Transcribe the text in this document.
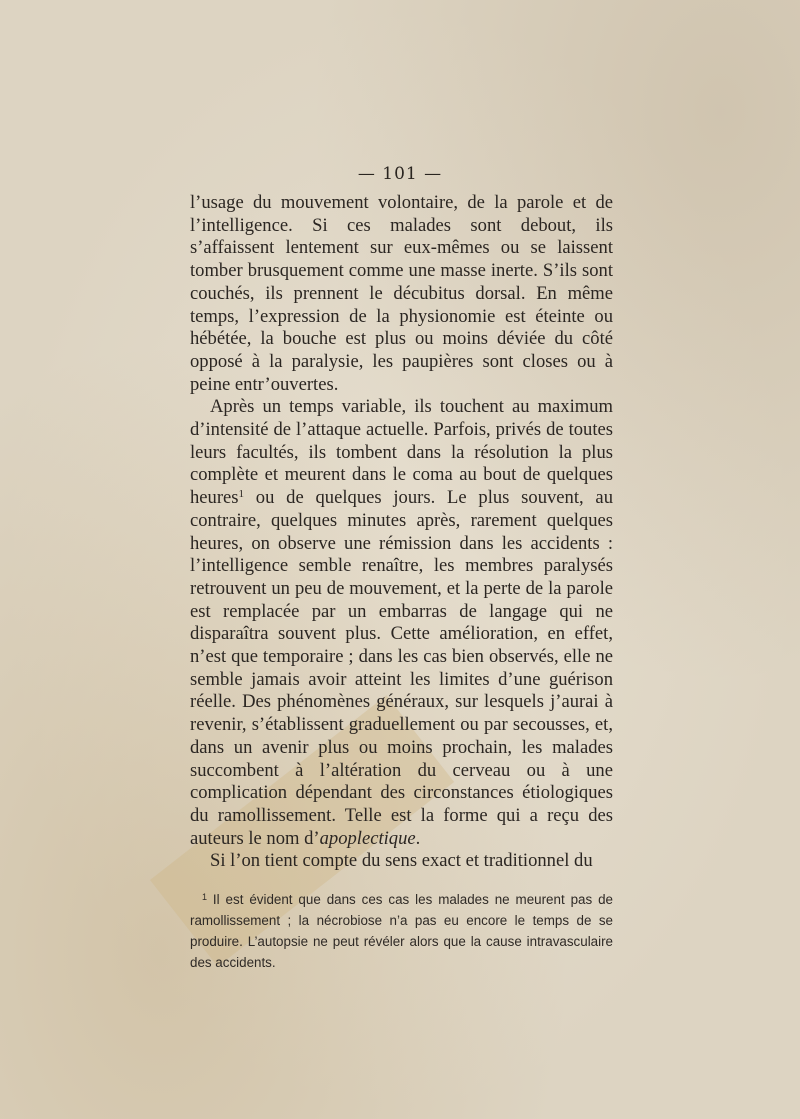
— 101 —

l’usage du mouvement volontaire, de la parole et de l’intelligence. Si ces malades sont debout, ils s’affaissent lentement sur eux-mêmes ou se laissent tomber brusquement comme une masse inerte. S’ils sont couchés, ils prennent le décubitus dorsal. En même temps, l’expression de la physionomie est éteinte ou hébétée, la bouche est plus ou moins déviée du côté opposé à la paralysie, les paupières sont closes ou à peine entr’ouvertes.

Après un temps variable, ils touchent au maximum d’intensité de l’attaque actuelle. Parfois, privés de toutes leurs facultés, ils tombent dans la résolution la plus complète et meurent dans le coma au bout de quelques heures$^1$ ou de quelques jours. Le plus souvent, au contraire, quelques minutes après, rarement quelques heures, on observe une rémission dans les accidents : l’intelligence semble renaître, les membres paralysés retrouvent un peu de mouvement, et la perte de la parole est remplacée par un embarras de langage qui ne disparaîtra souvent plus. Cette amélioration, en effet, n’est que temporaire ; dans les cas bien observés, elle ne semble jamais avoir atteint les limites d’une guérison réelle. Des phénomènes généraux, sur lesquels j’aurai à revenir, s’établissent graduellement ou par secousses, et, dans un avenir plus ou moins prochain, les malades succombent à l’altération du cerveau ou à une complication dépendant des circonstances étiologiques du ramollissement. Telle est la forme qui a reçu des auteurs le nom d’apoplectique.

Si l’on tient compte du sens exact et traditionnel du

$^1$ Il est évident que dans ces cas les malades ne meurent pas de ramollissement ; la nécrobiose n’a pas eu encore le temps de se produire. L’autopsie ne peut révéler alors que la cause intravasculaire des accidents.
